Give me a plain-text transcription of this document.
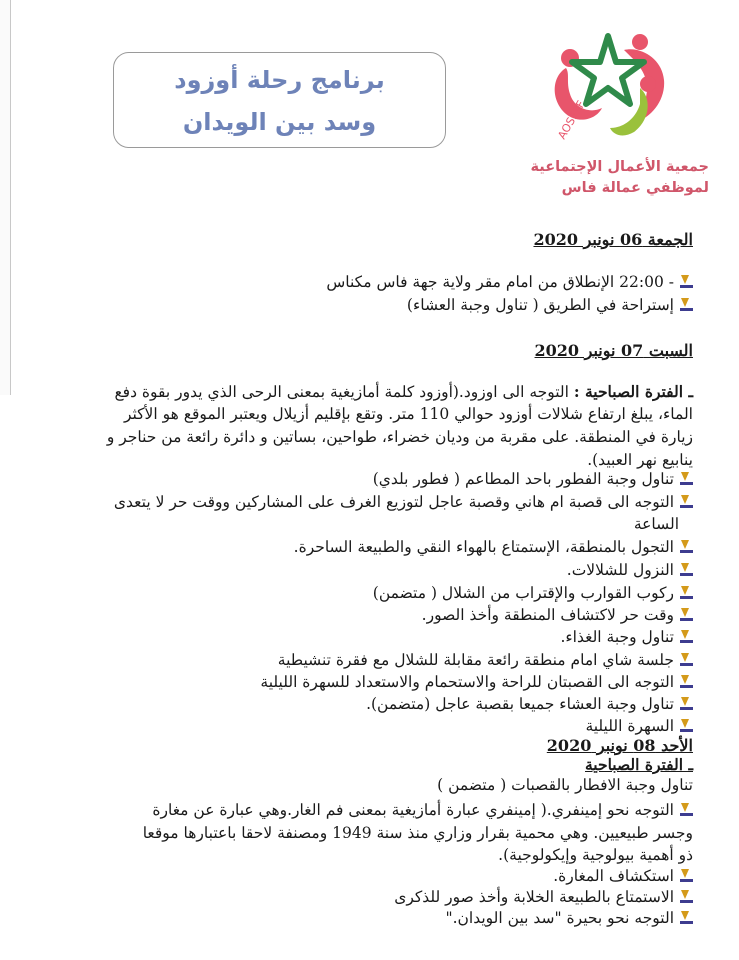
برنامج رحلة أوزود
وسد بين الويدان	AOSFPF
جمعية الأعمال الإجتماعية
لموظفي عمالة فاس
الجمعة 06 نونبر 2020
- 22:00 الإنطلاق من امام مقر ولاية جهة فاس مكناس
إستراحة في الطريق ( تناول وجبة العشاء)
السبت 07 نونبر 2020
ـ الفترة الصباحية : التوجه الى اوزود.(أوزود كلمة أمازيغية بمعنى الرحى الذي يدور بقوة دفع
الماء، يبلغ ارتفاع شلالات أوزود حوالي 110 متر. وتقع بإقليم أزيلال ويعتبر الموقع هو الأكثر
زيارة في المنطقة. على مقربة من وديان خضراء، طواحين، بساتين و دائرة رائعة من حناجر و
ينابيع نهر العبيد).
تناول وجبة الفطور باحد المطاعم ( فطور بلدي)
التوجه الى قصبة ام هاني وقصبة عاجل لتوزيع الغرف على المشاركين ووقت حر لا يتعدى
الساعة
التجول بالمنطقة، الإستمتاع بالهواء النقي والطبيعة الساحرة.
النزول للشلالات.
ركوب القوارب والإقتراب من الشلال ( متضمن)
وقت حر لاكتشاف المنطقة وأخذ الصور.
تناول وجبة الغذاء.
جلسة شاي امام منطقة رائعة مقابلة للشلال مع فقرة تنشيطية
التوجه الى القصبتان للراحة والاستحمام والاستعداد للسهرة الليلية
تناول وجبة العشاء جميعا بقصبة عاجل (متضمن).
السهرة الليلية
الأحد 08 نونبر 2020
ـ الفترة الصباحية
تناول وجبة الافطار بالقصبات ( متضمن )
التوجه نحو إمينفري.( إمينفري عبارة أمازيغية بمعنى فم الغار.وهي عبارة عن مغارة
وجسر طبيعيين. وهي محمية بقرار وزاري منذ سنة 1949 ومصنفة لاحقا باعتبارها موقعا
ذو أهمية بيولوجية وإيكولوجية).
استكشاف المغارة.
الاستمتاع بالطبيعة الخلابة وأخذ صور للذكرى
التوجه نحو بحيرة "سد بين الويدان."
